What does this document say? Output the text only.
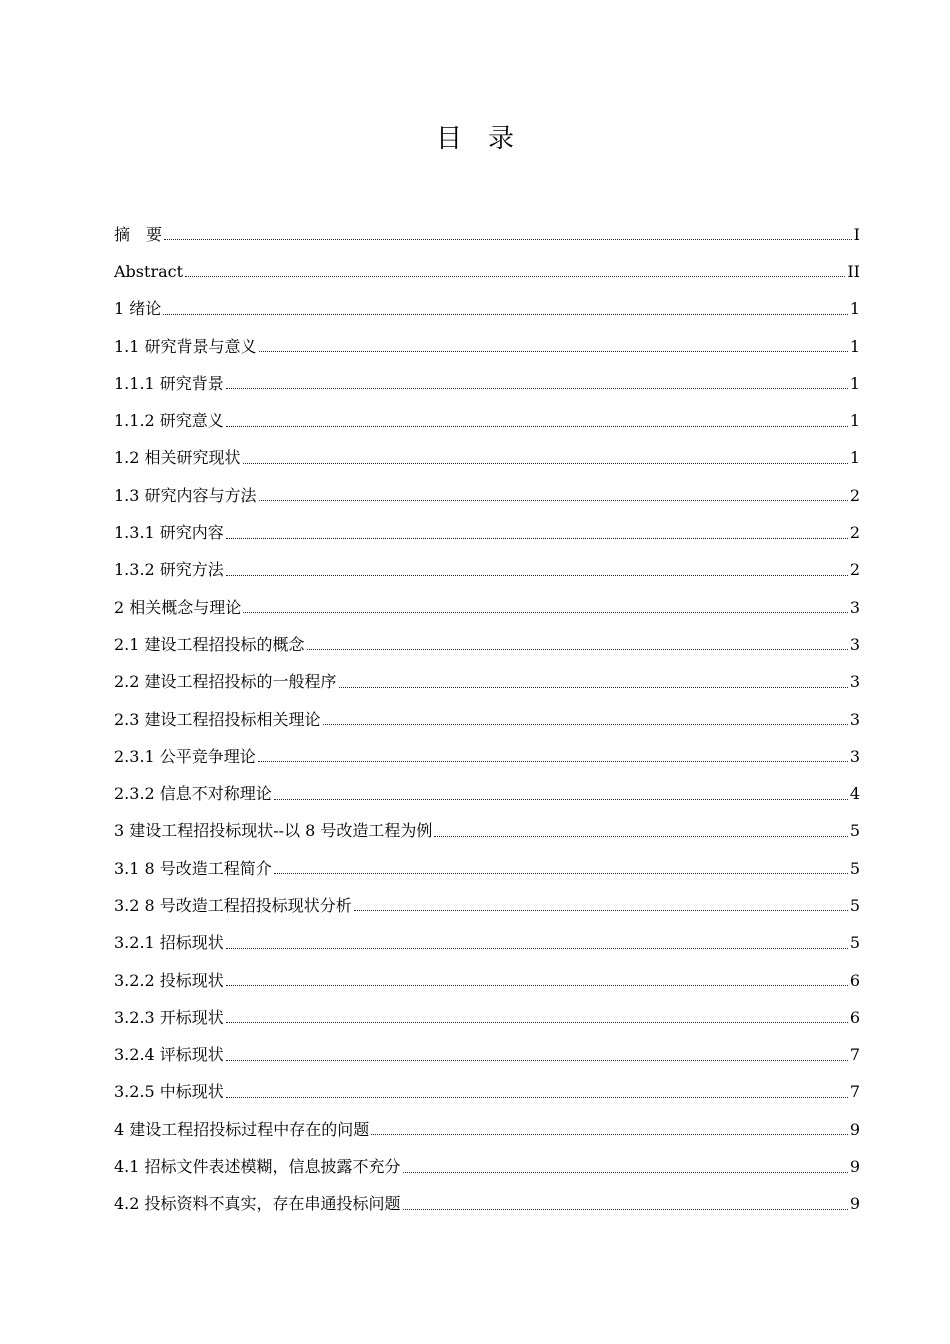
目　录
摘　要	I
Abstract	II
1 绪论	1
1.1 研究背景与意义	1
1.1.1 研究背景	1
1.1.2 研究意义	1
1.2 相关研究现状	1
1.3 研究内容与方法	2
1.3.1 研究内容	2
1.3.2 研究方法	2
2 相关概念与理论	3
2.1 建设工程招投标的概念	3
2.2 建设工程招投标的一般程序	3
2.3 建设工程招投标相关理论	3
2.3.1 公平竞争理论	3
2.3.2 信息不对称理论	4
3 建设工程招投标现状--以 8 号改造工程为例	5
3.1 8 号改造工程简介	5
3.2 8 号改造工程招投标现状分析	5
3.2.1 招标现状	5
3.2.2 投标现状	6
3.2.3 开标现状	6
3.2.4 评标现状	7
3.2.5 中标现状	7
4 建设工程招投标过程中存在的问题	9
4.1 招标文件表述模糊，信息披露不充分	9
4.2 投标资料不真实，存在串通投标问题	9
